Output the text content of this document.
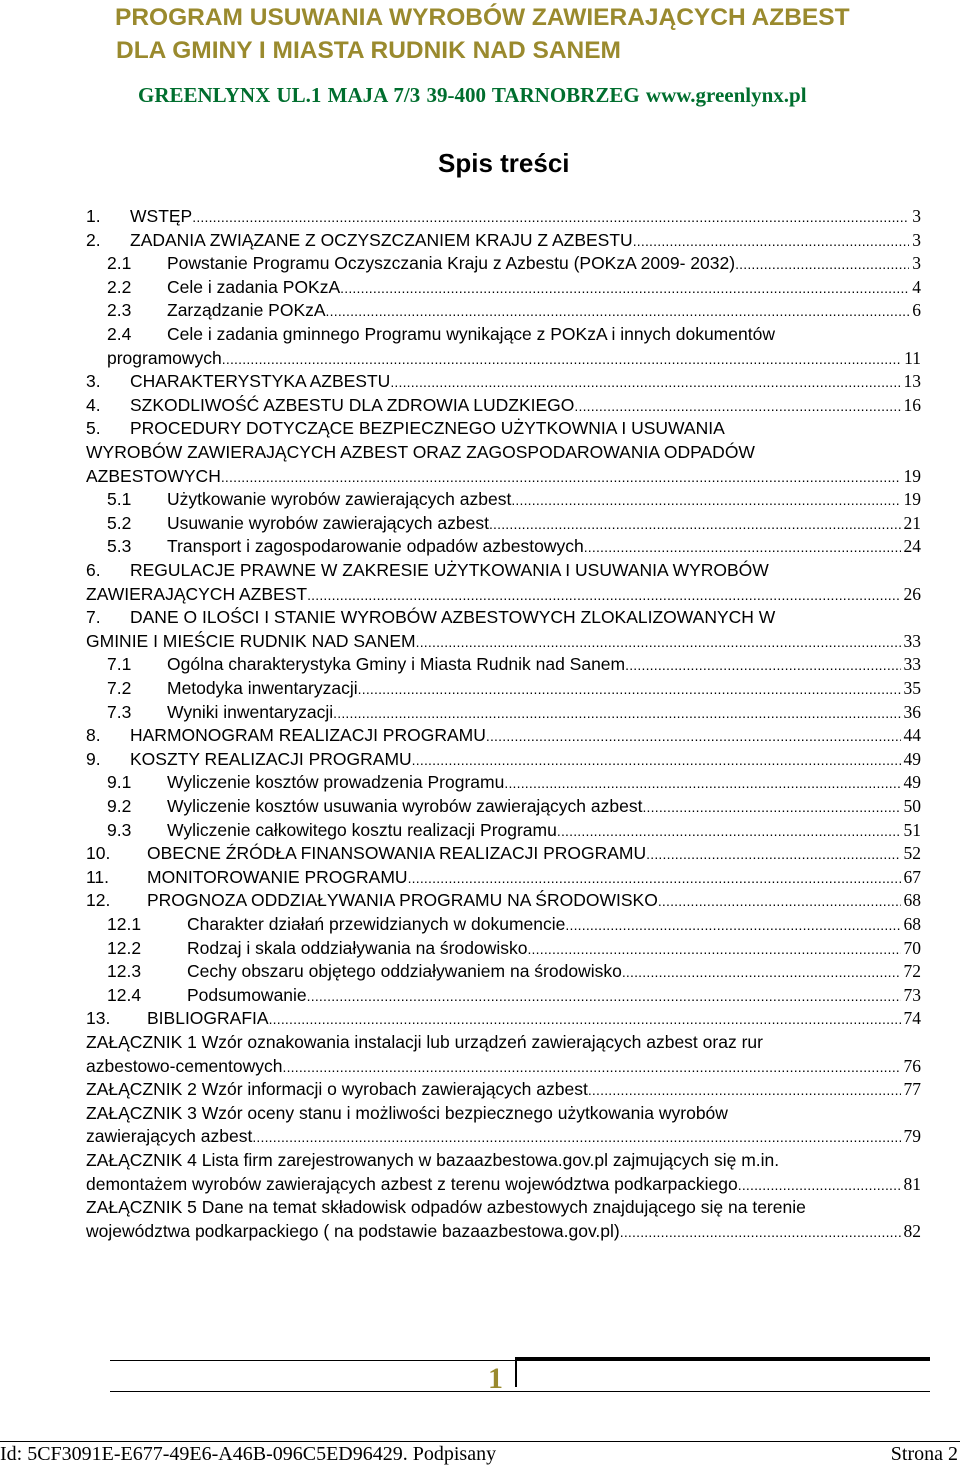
PROGRAM USUWANIA WYROBÓW ZAWIERAJĄCYCH AZBEST
DLA GMINY I MIASTA RUDNIK NAD SANEM
GREENLYNX UL.1 MAJA 7/3 39-400 TARNOBRZEG www.greenlynx.pl
Spis treści
1.	WSTĘP .....	3
2.	ZADANIA ZWIĄZANE Z OCZYSZCZANIEM KRAJU Z AZBESTU .....	3
2.1	Powstanie Programu Oczyszczania Kraju z Azbestu (POKzA 2009- 2032) .....	3
2.2	Cele i zadania POKzA .....	4
2.3	Zarządzanie POKzA .....	6
2.4	Cele i zadania gminnego Programu wynikające z POKzA i innych dokumentów
programowych .....	11
3.	CHARAKTERYSTYKA AZBESTU .....	13
4.	SZKODLIWOŚĆ AZBESTU DLA ZDROWIA LUDZKIEGO .....	16
5.	PROCEDURY DOTYCZĄCE BEZPIECZNEGO UŻYTKOWNIA I USUWANIA
WYROBÓW ZAWIERAJĄCYCH AZBEST ORAZ ZAGOSPODAROWANIA ODPADÓW
AZBESTOWYCH .....	19
5.1	Użytkowanie wyrobów zawierających azbest .....	19
5.2	Usuwanie wyrobów zawierających azbest .....	21
5.3	Transport i zagospodarowanie odpadów azbestowych .....	24
6.	REGULACJE PRAWNE W ZAKRESIE UŻYTKOWANIA I USUWANIA WYROBÓW
ZAWIERAJĄCYCH AZBEST .....	26
7.	DANE O ILOŚCI I STANIE WYROBÓW AZBESTOWYCH ZLOKALIZOWANYCH W
GMINIE I MIEŚCIE RUDNIK NAD SANEM .....	33
7.1	Ogólna charakterystyka Gminy i Miasta Rudnik nad Sanem .....	33
7.2	Metodyka inwentaryzacji .....	35
7.3	Wyniki inwentaryzacji .....	36
8.	HARMONOGRAM REALIZACJI PROGRAMU .....	44
9.	KOSZTY REALIZACJI PROGRAMU .....	49
9.1	Wyliczenie kosztów prowadzenia Programu .....	49
9.2	Wyliczenie kosztów usuwania wyrobów zawierających azbest .....	50
9.3	Wyliczenie całkowitego kosztu realizacji Programu .....	51
10.	OBECNE ŹRÓDŁA FINANSOWANIA REALIZACJI PROGRAMU .....	52
11.	MONITOROWANIE PROGRAMU .....	67
12.	PROGNOZA ODDZIAŁYWANIA PROGRAMU NA ŚRODOWISKO .....	68
12.1	Charakter działań przewidzianych w dokumencie .....	68
12.2	Rodzaj i skala oddziaływania na środowisko .....	70
12.3	Cechy obszaru objętego oddziaływaniem na środowisko .....	72
12.4	Podsumowanie .....	73
13.	BIBLIOGRAFIA .....	74
ZAŁĄCZNIK 1 Wzór oznakowania instalacji lub urządzeń zawierających azbest oraz rur
azbestowo-cementowych .....	76
ZAŁĄCZNIK 2 Wzór informacji o wyrobach zawierających azbest .....	77
ZAŁĄCZNIK 3 Wzór oceny stanu i możliwości bezpiecznego użytkowania wyrobów
zawierających azbest .....	79
ZAŁĄCZNIK 4 Lista firm zarejestrowanych w bazaazbestowa.gov.pl zajmujących się m.in.
demontażem wyrobów zawierających azbest z terenu województwa podkarpackiego .....	81
ZAŁĄCZNIK 5 Dane na temat składowisk odpadów azbestowych znajdującego się na terenie
województwa podkarpackiego ( na podstawie bazaazbestowa.gov.pl) .....	82
1
Id: 5CF3091E-E677-49E6-A46B-096C5ED96429. Podpisany	Strona 2
